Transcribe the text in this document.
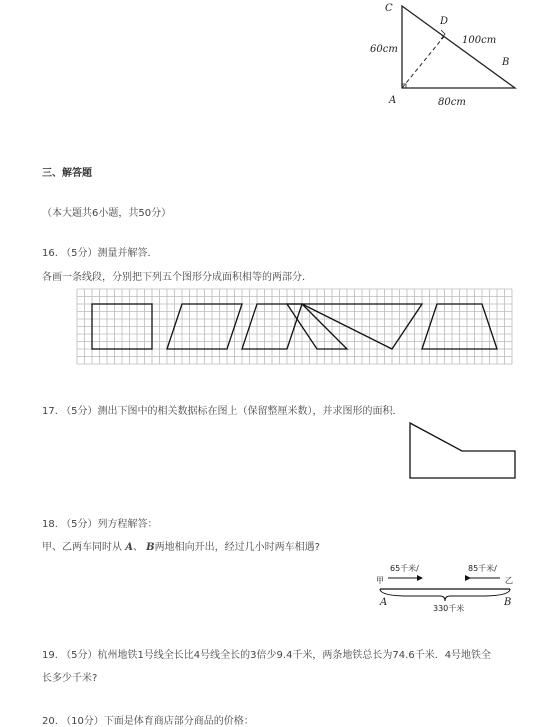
C
D
A
B
60cm
100cm
80cm
三、解答题
（本大题共6小题，共50分）
16. （5分）测量并解答．
各画一条线段，分别把下列五个图形分成面积相等的两部分．
17. （5分）测出下图中的相关数据标在图上（保留整厘米数），并求图形的面积．
18. （5分）列方程解答：
甲、乙两车同时从 A、 B两地相向开出，经过几小时两车相遇?
65千米/	85千米/
甲	乙
A	B
330千米
19. （5分）杭州地铁1号线全长比4号线全长的3倍少9.4千米，两条地铁总长为74.6千米．4号地铁全
长多少千米?
20. （10分）下面是体育商店部分商品的价格：
